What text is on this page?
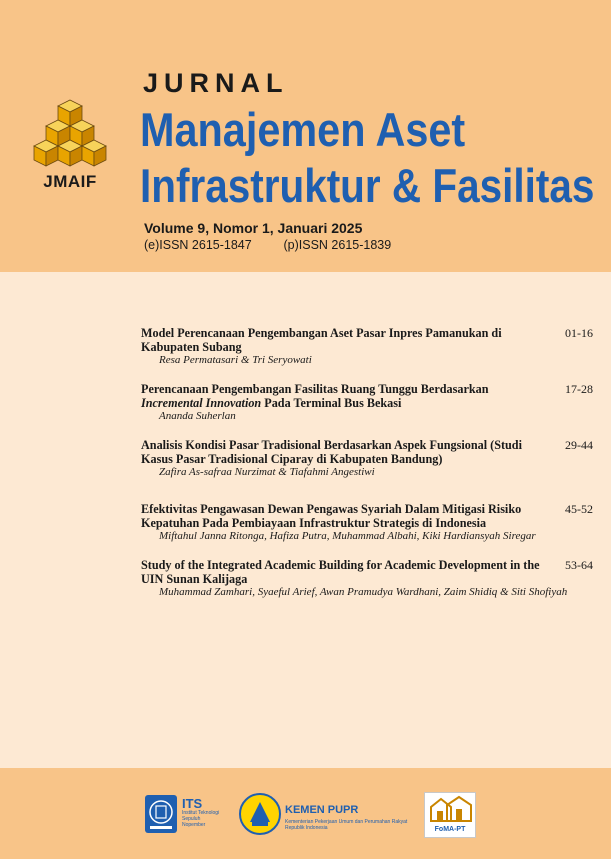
JMAIF
JURNAL
Manajemen Aset
Infrastruktur & Fasilitas
Volume 9, Nomor 1, Januari 2025
(e)ISSN 2615-1847	(p)ISSN 2615-1839
Model Perencanaan Pengembangan Aset Pasar Inpres Pamanukan di Kabupaten Subang
01-16
Resa Permatasari & Tri Seryowati
Perencanaan Pengembangan Fasilitas Ruang Tunggu Berdasarkan
Incremental Innovation Pada Terminal Bus Bekasi
17-28
Ananda Suherlan
Analisis Kondisi Pasar Tradisional Berdasarkan Aspek Fungsional (Studi Kasus Pasar Tradisional Ciparay di Kabupaten Bandung)
29-44
Zafira As-safraa Nurzimat & Tiafahmi Angestiwi
Efektivitas Pengawasan Dewan Pengawas Syariah Dalam Mitigasi Risiko Kepatuhan Pada Pembiayaan Infrastruktur Strategis di Indonesia
45-52
Miftahul Janna Ritonga, Hafiza Putra, Muhammad Albahi, Kiki Hardiansyah Siregar
Study of the Integrated Academic Building for Academic Development in the UIN Sunan Kalijaga
53-64
Muhammad Zamhari, Syaeful Arief, Awan Pramudya Wardhani, Zaim Shidiq & Siti Shofiyah
ITS
Institut Teknologi Sepuluh Nopember
KEMEN PUPR
Kementerian Pekerjaan Umum dan Perumahan Rakyat Republik Indonesia	FoMA-PT
